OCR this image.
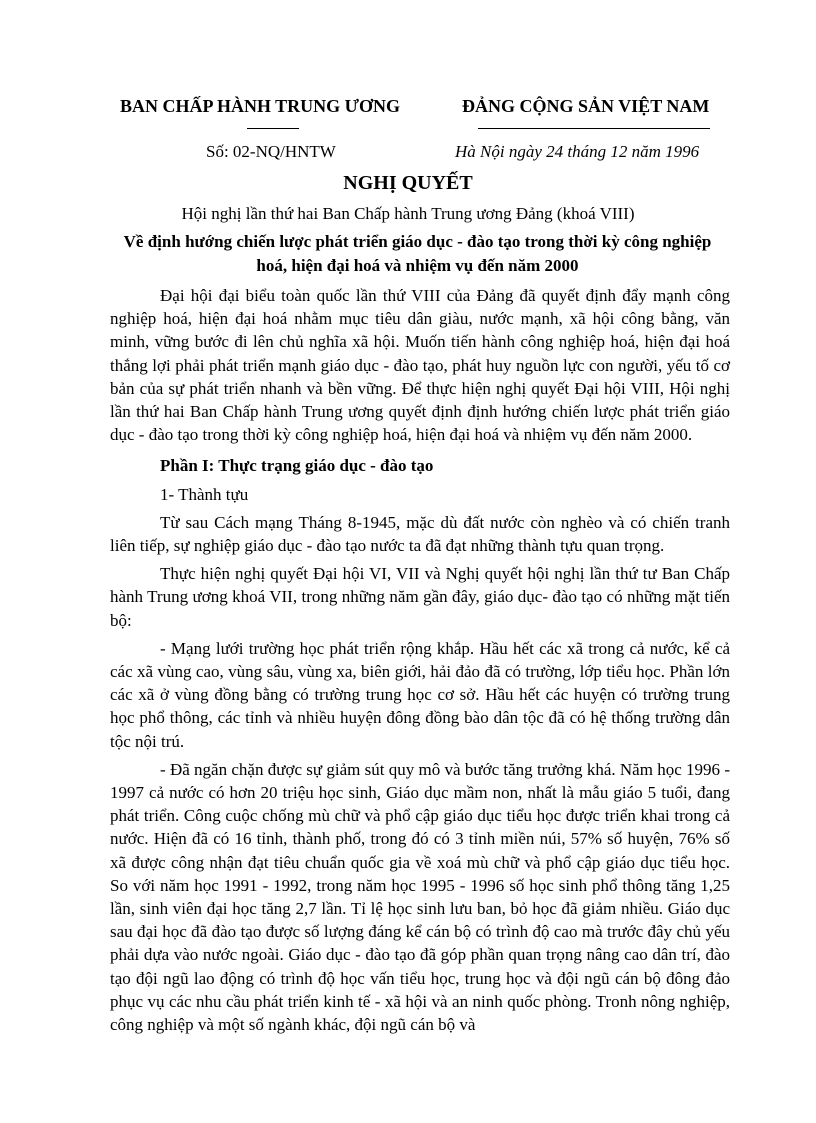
BAN CHẤP HÀNH TRUNG ƯƠNG	ĐẢNG CỘNG SẢN VIỆT NAM
Số: 02-NQ/HNTW	Hà Nội ngày 24 tháng 12 năm 1996
NGHỊ QUYẾT
Hội nghị lần thứ hai Ban Chấp hành Trung ương Đảng (khoá VIII)
Về định hướng chiến lược phát triển giáo dục - đào tạo trong thời kỳ công nghiệp hoá, hiện đại hoá và nhiệm vụ đến năm 2000

Đại hội đại biểu toàn quốc lần thứ VIII của Đảng đã quyết định đẩy mạnh công nghiệp hoá, hiện đại hoá nhằm mục tiêu dân giàu, nước mạnh, xã hội công bằng, văn minh, vững bước đi lên chủ nghĩa xã hội. Muốn tiến hành công nghiệp hoá, hiện đại hoá thắng lợi phải phát triển mạnh giáo dục - đào tạo, phát huy nguồn lực con người, yếu tố cơ bản của sự phát triển nhanh và bền vững. Để thực hiện nghị quyết Đại hội VIII, Hội nghị lần thứ hai Ban Chấp hành Trung ương quyết định định hướng chiến lược phát triển giáo dục - đào tạo trong thời kỳ công nghiệp hoá, hiện đại hoá và nhiệm vụ đến năm 2000.

Phần I: Thực trạng giáo dục - đào tạo

1- Thành tựu

Từ sau Cách mạng Tháng 8-1945, mặc dù đất nước còn nghèo và có chiến tranh liên tiếp, sự nghiệp giáo dục - đào tạo nước ta đã đạt những thành tựu quan trọng.

Thực hiện nghị quyết Đại hội VI, VII và Nghị quyết hội nghị lần thứ tư Ban Chấp hành Trung ương khoá VII, trong những năm gần đây, giáo dục- đào tạo có những mặt tiến bộ:

- Mạng lưới trường học phát triển rộng khắp. Hầu hết các xã trong cả nước, kể cả các xã vùng cao, vùng sâu, vùng xa, biên giới, hải đảo đã có trường, lớp tiểu học. Phần lớn các xã ở vùng đồng bằng có trường trung học cơ sở. Hầu hết các huyện có trường trung học phổ thông, các tỉnh và nhiều huyện đông đồng bào dân tộc đã có hệ thống trường dân tộc nội trú.

- Đã ngăn chặn được sự giảm sút quy mô và bước tăng trưởng khá. Năm học 1996 - 1997 cả nước có hơn 20 triệu học sinh, Giáo dục mầm non, nhất là mẫu giáo 5 tuổi, đang phát triển. Công cuộc chống mù chữ và phổ cập giáo dục tiểu học được triển khai trong cả nước. Hiện đã có 16 tỉnh, thành phố, trong đó có 3 tỉnh miền núi, 57% số huyện, 76% số xã được công nhận đạt tiêu chuẩn quốc gia về xoá mù chữ và phổ cập giáo dục tiểu học. So với năm học 1991 - 1992, trong năm học 1995 - 1996 số học sinh phổ thông tăng 1,25 lần, sinh viên đại học tăng 2,7 lần. Tỉ lệ học sinh lưu ban, bỏ học đã giảm nhiều. Giáo dục sau đại học đã đào tạo được số lượng đáng kể cán bộ có trình độ cao mà trước đây chủ yếu phải dựa vào nước ngoài. Giáo dục - đào tạo đã góp phần quan trọng nâng cao dân trí, đào tạo đội ngũ lao động có trình độ học vấn tiểu học, trung học và đội ngũ cán bộ đông đảo phục vụ các nhu cầu phát triển kinh tế - xã hội và an ninh quốc phòng. Tronh nông nghiệp, công nghiệp và một số ngành khác, đội ngũ cán bộ và
